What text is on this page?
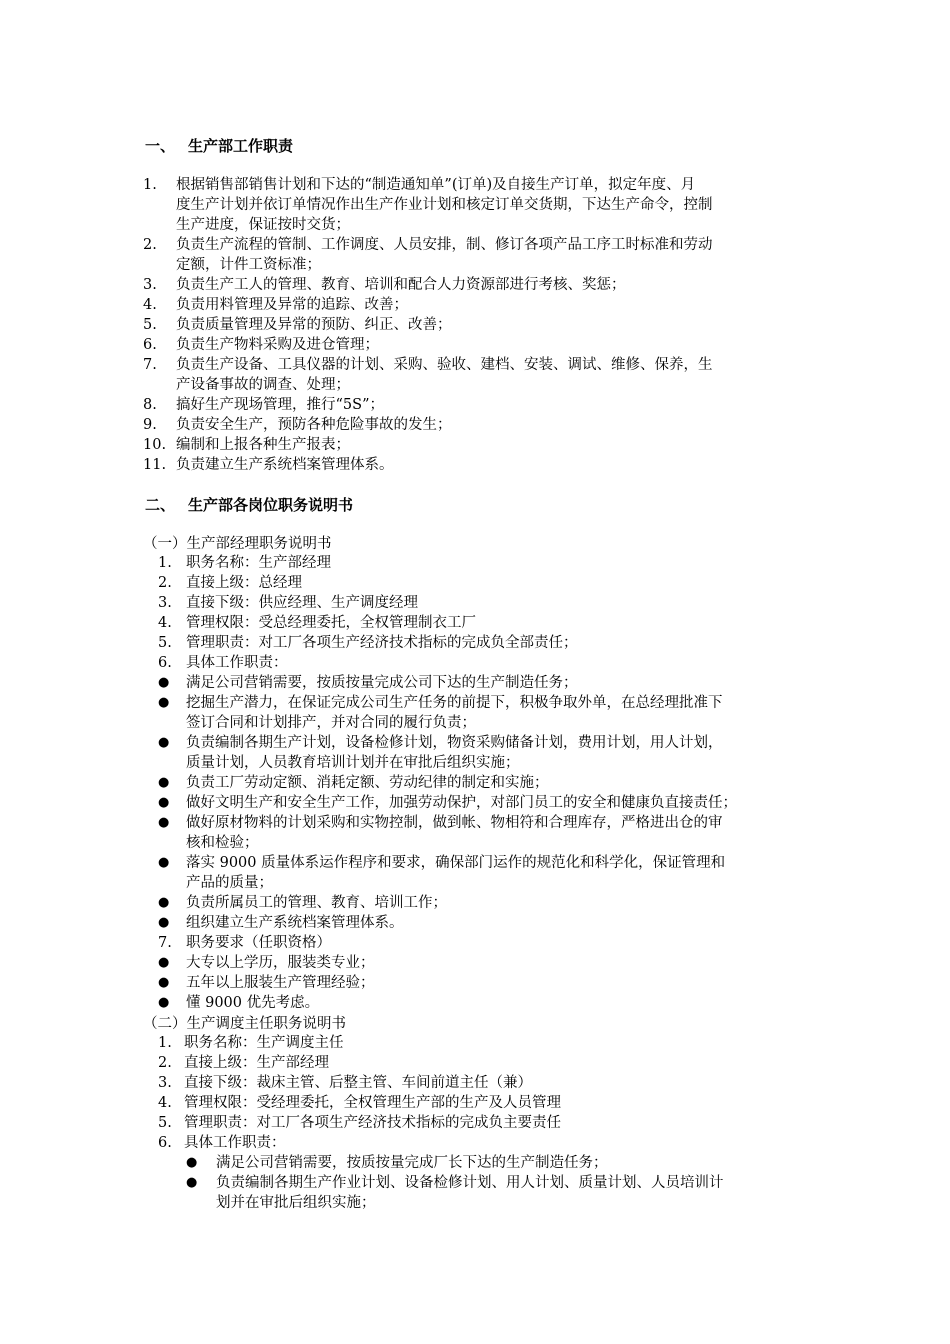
一、 生产部工作职责
1.	根据销售部销售计划和下达的“制造通知单”(订单)及自接生产订单，拟定年度、月
度生产计划并依订单情况作出生产作业计划和核定订单交货期，下达生产命令，控制
生产进度，保证按时交货；
2.	负责生产流程的管制、工作调度、人员安排，制、修订各项产品工序工时标准和劳动
定额，计件工资标准；
3.	负责生产工人的管理、教育、培训和配合人力资源部进行考核、奖惩；
4.	负责用料管理及异常的追踪、改善；
5.	负责质量管理及异常的预防、纠正、改善；
6.	负责生产物料采购及进仓管理；
7.	负责生产设备、工具仪器的计划、采购、验收、建档、安装、调试、维修、保养，生
产设备事故的调查、处理；
8.	搞好生产现场管理，推行“5S”；
9.	负责安全生产，预防各种危险事故的发生；
10. 编制和上报各种生产报表；
11. 负责建立生产系统档案管理体系。
二、 生产部各岗位职务说明书
（一）生产部经理职务说明书
1. 职务名称：生产部经理
2. 直接上级：总经理
3. 直接下级：供应经理、生产调度经理
4. 管理权限：受总经理委托，全权管理制衣工厂
5. 管理职责：对工厂各项生产经济技术指标的完成负全部责任；
6. 具体工作职责：
●	满足公司营销需要，按质按量完成公司下达的生产制造任务；
●	挖掘生产潜力，在保证完成公司生产任务的前提下，积极争取外单，在总经理批准下
签订合同和计划排产，并对合同的履行负责；
●	负责编制各期生产计划，设备检修计划，物资采购储备计划，费用计划，用人计划，
质量计划，人员教育培训计划并在审批后组织实施；
●	负责工厂劳动定额、消耗定额、劳动纪律的制定和实施；
●	做好文明生产和安全生产工作，加强劳动保护，对部门员工的安全和健康负直接责任；
●	做好原材物料的计划采购和实物控制，做到帐、物相符和合理库存，严格进出仓的审
核和检验；
●	落实 9000 质量体系运作程序和要求，确保部门运作的规范化和科学化，保证管理和
产品的质量；
●	负责所属员工的管理、教育、培训工作；
●	组织建立生产系统档案管理体系。
7. 职务要求（任职资格）
●	大专以上学历，服装类专业；
●	五年以上服装生产管理经验；
●	懂 9000 优先考虑。
（二）生产调度主任职务说明书
1. 职务名称：生产调度主任
2. 直接上级：生产部经理
3. 直接下级：裁床主管、后整主管、车间前道主任（兼）
4. 管理权限：受经理委托，全权管理生产部的生产及人员管理
5. 管理职责：对工厂各项生产经济技术指标的完成负主要责任
6. 具体工作职责：
●	满足公司营销需要，按质按量完成厂长下达的生产制造任务；
●	负责编制各期生产作业计划、设备检修计划、用人计划、质量计划、人员培训计
划并在审批后组织实施；
